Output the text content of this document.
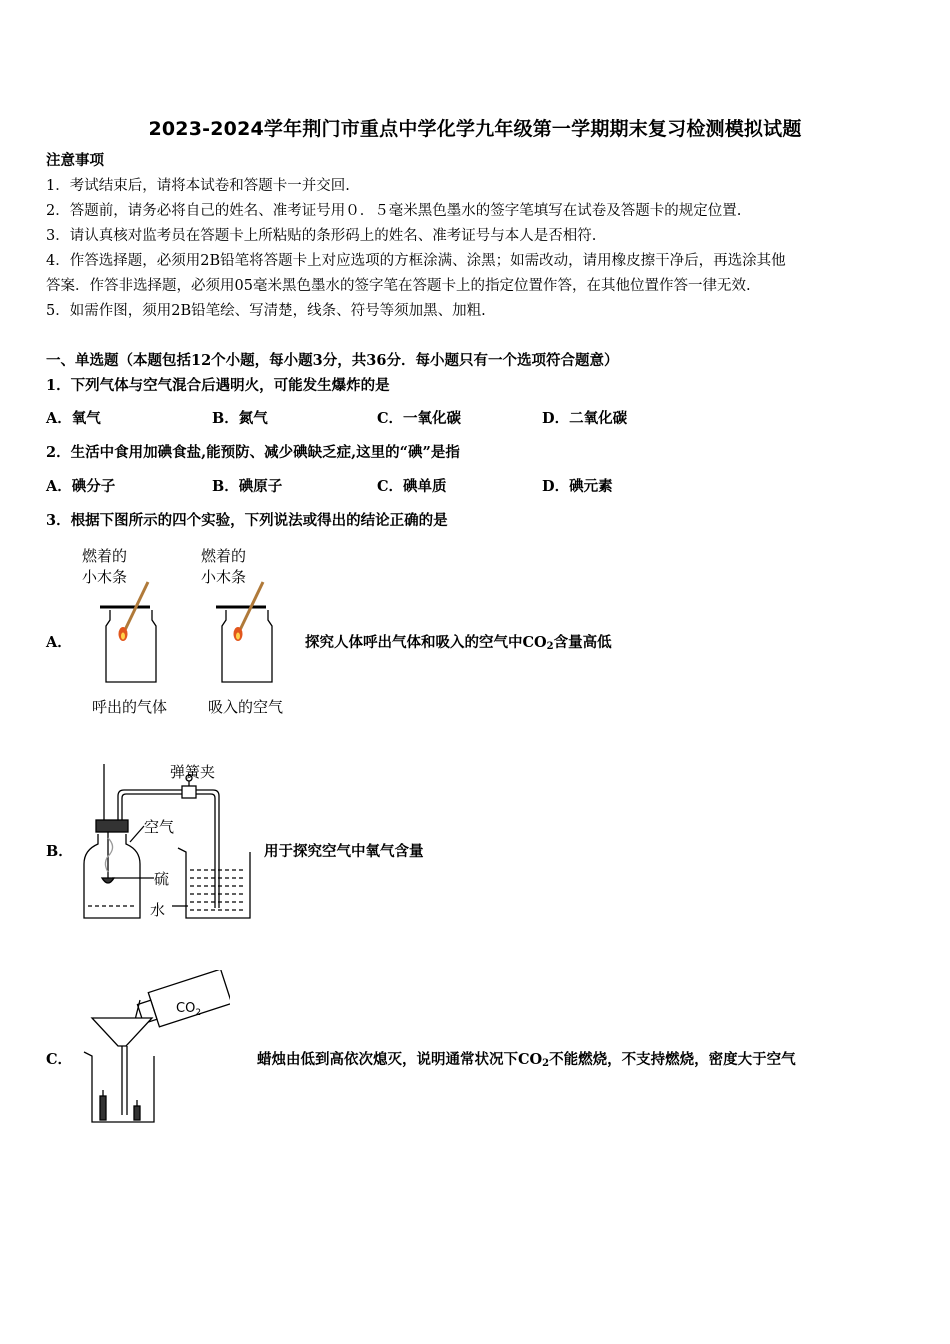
2023-2024学年荆门市重点中学化学九年级第一学期期末复习检测模拟试题
注意事项
1．考试结束后，请将本试卷和答题卡一并交回.
2．答题前，请务必将自己的姓名、准考证号用０．５毫米黑色墨水的签字笔填写在试卷及答题卡的规定位置.
3．请认真核对监考员在答题卡上所粘贴的条形码上的姓名、准考证号与本人是否相符.
4．作答选择题，必须用2B铅笔将答题卡上对应选项的方框涂满、涂黑；如需改动，请用橡皮擦干净后，再选涂其他
答案．作答非选择题，必须用05毫米黑色墨水的签字笔在答题卡上的指定位置作答，在其他位置作答一律无效.
5．如需作图，须用2B铅笔绘、写清楚，线条、符号等须加黑、加粗.
一、单选题（本题包括12个小题，每小题3分，共36分．每小题只有一个选项符合题意）
1．下列气体与空气混合后遇明火，可能发生爆炸的是
A．氧气	B．氮气	C．一氧化碳	D．二氧化碳
2．生活中食用加碘食盐,能预防、减少碘缺乏症,这里的“碘”是指
A．碘分子	B．碘原子	C．碘单质	D．碘元素
3．根据下图所示的四个实验，下列说法或得出的结论正确的是
A．
燃着的
小木条
燃着的
小木条
呼出的气体	吸入的空气
探究人体呼出气体和吸入的空气中$CO_2$含量高低
B．
弹簧夹
空气
硫
水
用于探究空气中氧气含量
C．
$CO_2$
蜡烛由低到高依次熄灭，说明通常状况下$CO_2$不能燃烧，不支持燃烧，密度大于空气
